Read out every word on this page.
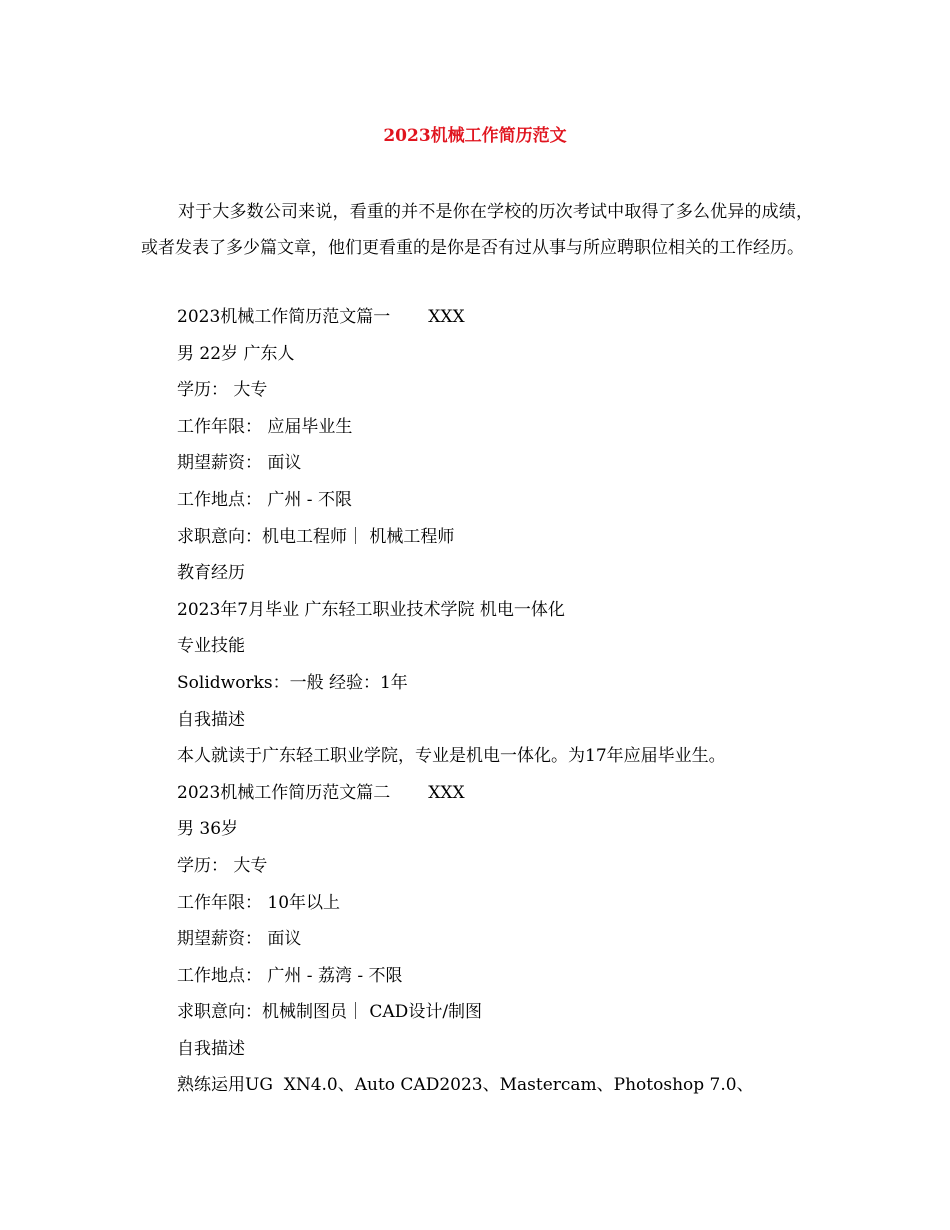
2023机械工作简历范文

对于大多数公司来说，看重的并不是你在学校的历次考试中取得了多么优异的成绩，或者发表了多少篇文章，他们更看重的是你是否有过从事与所应聘职位相关的工作经历。

2023机械工作简历范文篇一 XXX
男 22岁 广东人
学历： 大专
工作年限： 应届毕业生
期望薪资： 面议
工作地点： 广州 - 不限
求职意向：机电工程师｜ 机械工程师
教育经历
2023年7月毕业 广东轻工职业技术学院 机电一体化
专业技能
Solidworks：一般 经验：1年
自我描述
本人就读于广东轻工职业学院，专业是机电一体化。为17年应届毕业生。
2023机械工作简历范文篇二 XXX
男 36岁
学历： 大专
工作年限： 10年以上
期望薪资： 面议
工作地点： 广州 - 荔湾 - 不限
求职意向：机械制图员｜ CAD设计/制图
自我描述
熟练运用UG  XN4.0、Auto CAD2023、Mastercam、Photoshop 7.0、
